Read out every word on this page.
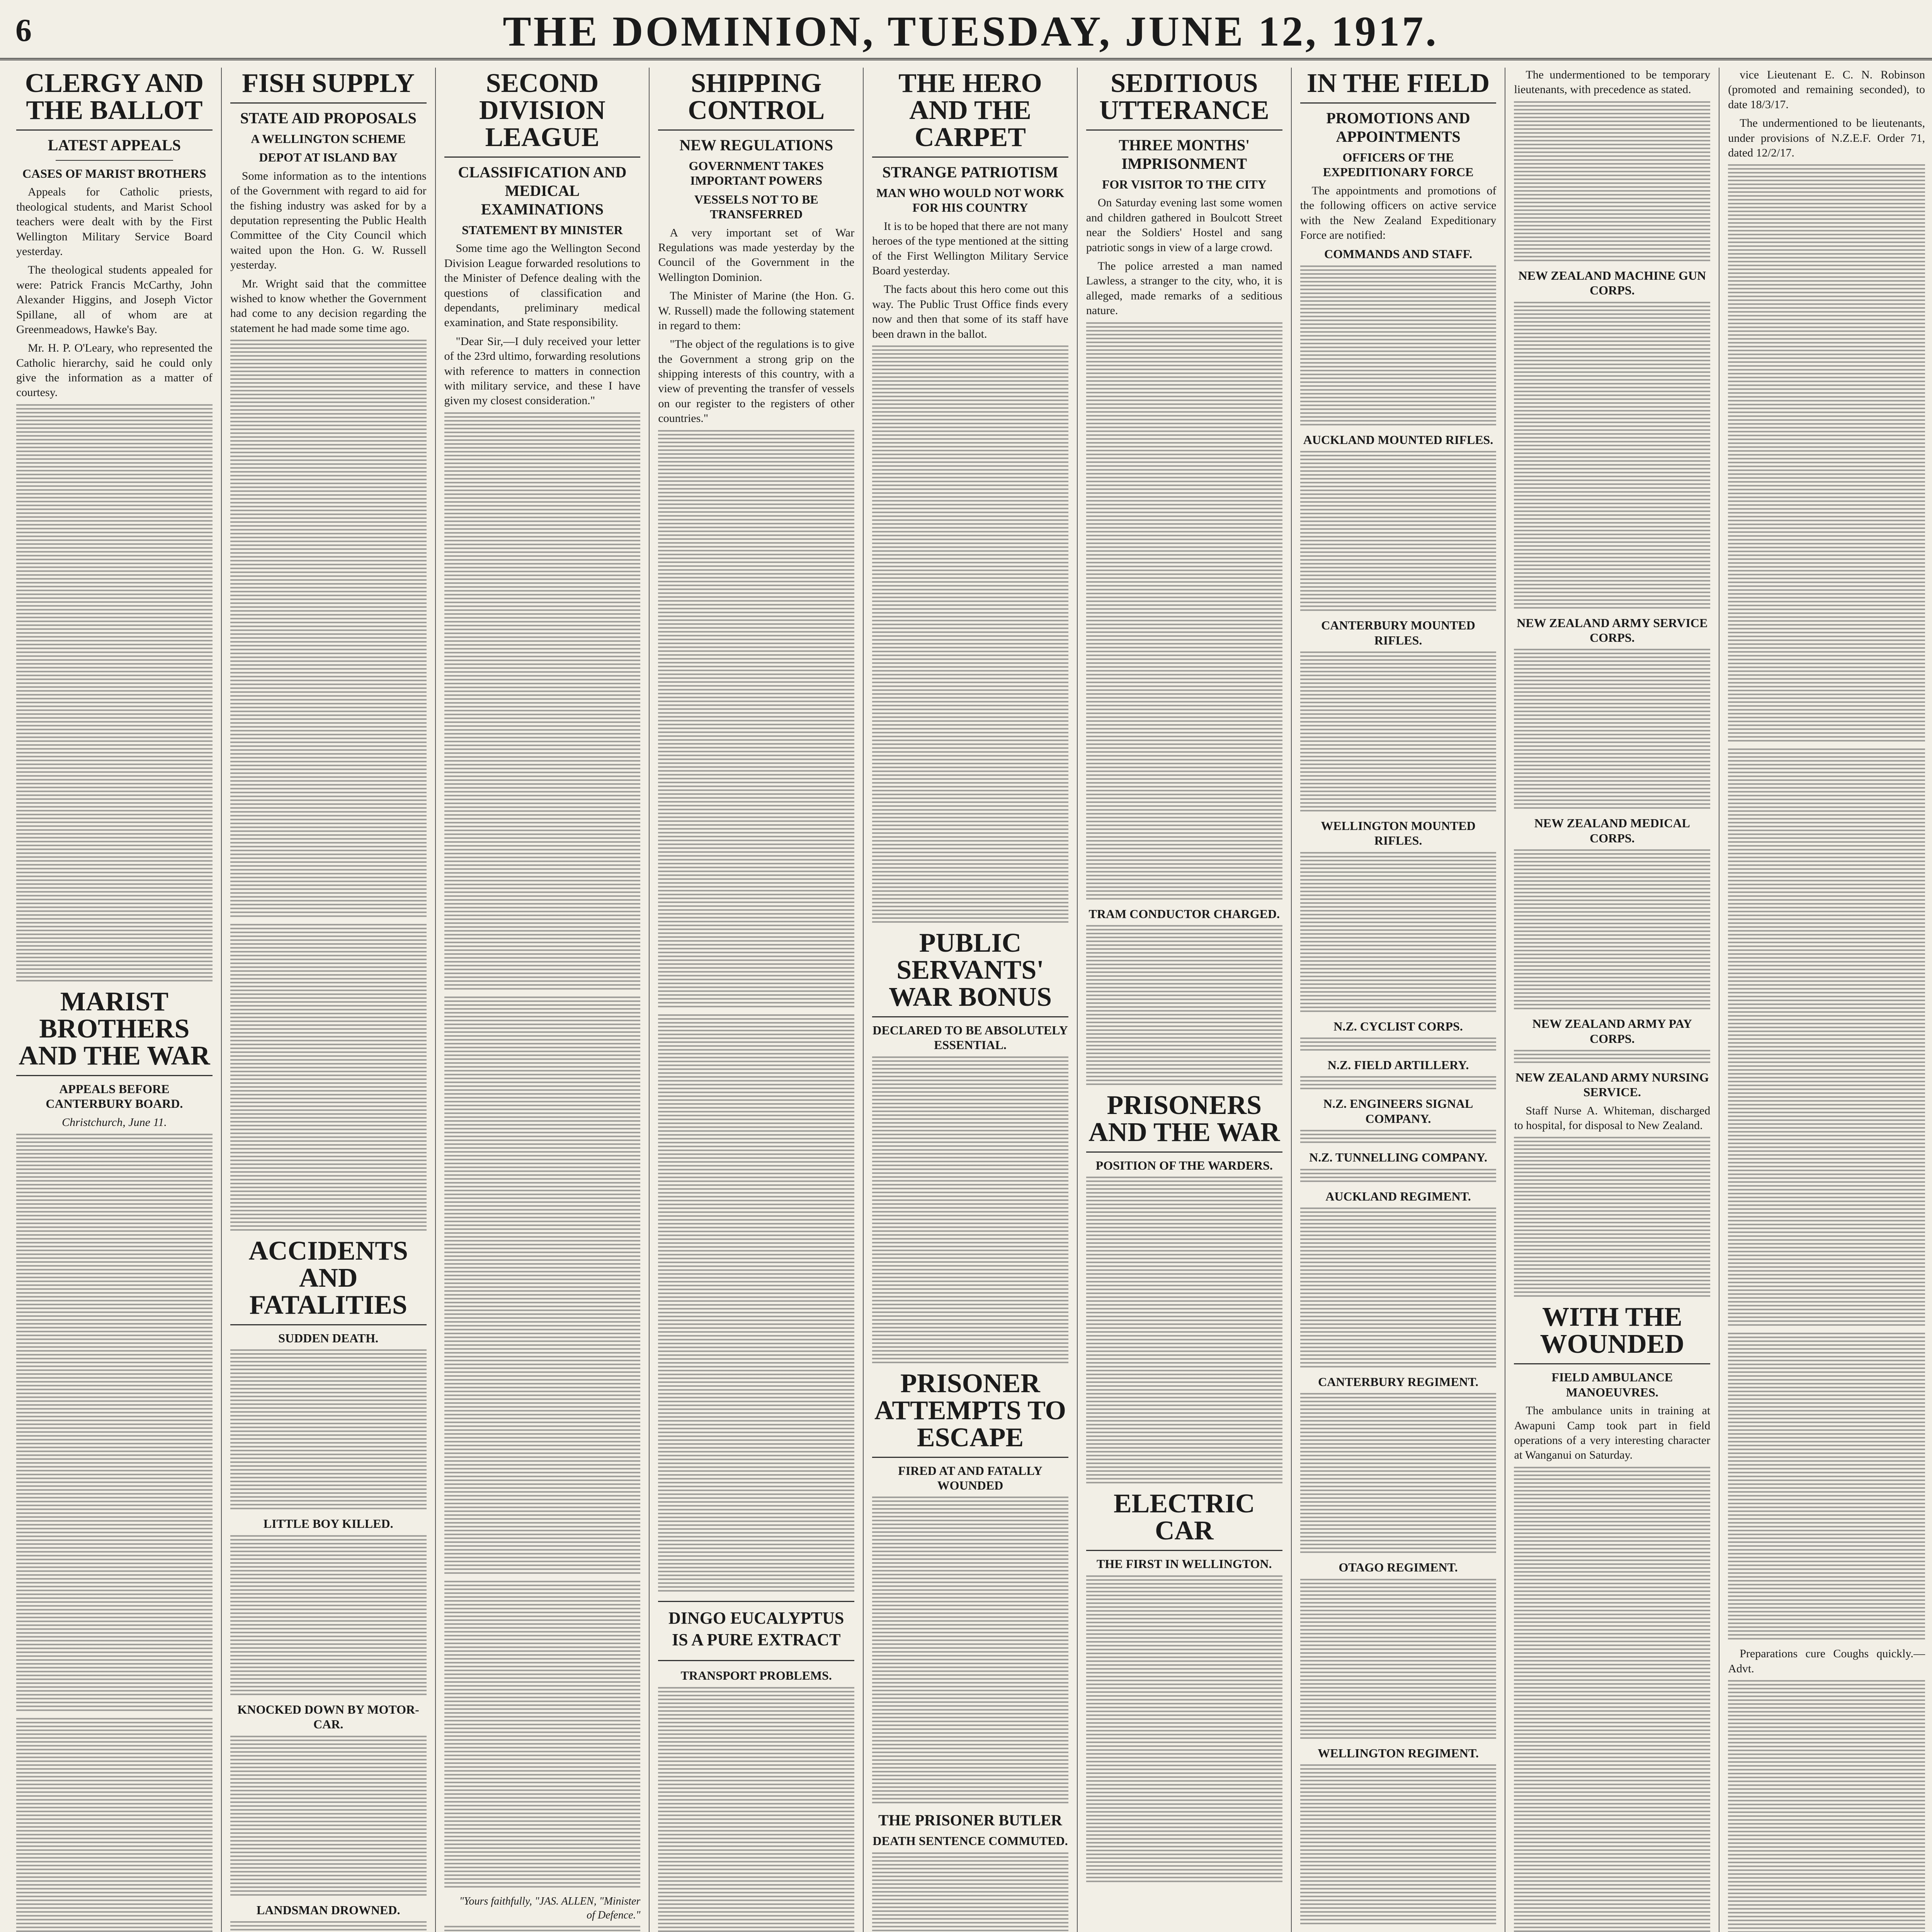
6	THE DOMINION, TUESDAY, JUNE 12, 1917.
CLERGY AND THE BALLOT
LATEST APPEALS
CASES OF MARIST BROTHERS

Appeals for Catholic priests, theological students, and Marist School teachers were dealt with by the First Wellington Military Service Board yesterday.

The theological students appealed for were: Patrick Francis McCarthy, John Alexander Higgins, and Joseph Victor Spillane, all of whom are at Greenmeadows, Hawke's Bay.

Mr. H. P. O'Leary, who represented the Catholic hierarchy, said he could only give the information as a matter of courtesy.

MARIST BROTHERS AND THE WAR
APPEALS BEFORE CANTERBURY BOARD.

Christchurch, June 11.

FISH SUPPLY
STATE AID PROPOSALS
A WELLINGTON SCHEME
DEPOT AT ISLAND BAY

Some information as to the intentions of the Government with regard to aid for the fishing industry was asked for by a deputation representing the Public Health Committee of the City Council which waited upon the Hon. G. W. Russell yesterday.

Mr. Wright said that the committee wished to know whether the Government had come to any decision regarding the statement he had made some time ago.

ACCIDENTS AND FATALITIES
SUDDEN DEATH.
LITTLE BOY KILLED.
KNOCKED DOWN BY MOTOR-CAR.
LANDSMAN DROWNED.

SECOND DIVISION LEAGUE
CLASSIFICATION AND MEDICAL EXAMINATIONS
STATEMENT BY MINISTER

Some time ago the Wellington Second Division League forwarded resolutions to the Minister of Defence dealing with the questions of classification and dependants, preliminary medical examination, and State responsibility.

"Dear Sir,—I duly received your letter of the 23rd ultimo, forwarding resolutions with reference to matters in connection with military service, and these I have given my closest consideration."

"Yours faithfully, "JAS. ALLEN, "Minister of Defence."

SHIPPING CONTROL
NEW REGULATIONS
GOVERNMENT TAKES IMPORTANT POWERS
VESSELS NOT TO BE TRANSFERRED

A very important set of War Regulations was made yesterday by the Council of the Government in the Wellington Dominion.

The Minister of Marine (the Hon. G. W. Russell) made the following statement in regard to them:

"The object of the regulations is to give the Government a strong grip on the shipping interests of this country, with a view of preventing the transfer of vessels on our register to the registers of other countries."

DINGO EUCALYPTUS IS A PURE EXTRACT

TRANSPORT PROBLEMS.

THE HERO AND THE CARPET
STRANGE PATRIOTISM
MAN WHO WOULD NOT WORK FOR HIS COUNTRY

It is to be hoped that there are not many heroes of the type mentioned at the sitting of the First Wellington Military Service Board yesterday.

The facts about this hero come out this way. The Public Trust Office finds every now and then that some of its staff have been drawn in the ballot.

PUBLIC SERVANTS' WAR BONUS
DECLARED TO BE ABSOLUTELY ESSENTIAL.
PRISONER ATTEMPTS TO ESCAPE
FIRED AT AND FATALLY WOUNDED
THE PRISONER BUTLER
DEATH SENTENCE COMMUTED.

SEDITIOUS UTTERANCE
THREE MONTHS' IMPRISONMENT
FOR VISITOR TO THE CITY

On Saturday evening last some women and children gathered in Boulcott Street near the Soldiers' Hostel and sang patriotic songs in view of a large crowd.

The police arrested a man named Lawless, a stranger to the city, who, it is alleged, made remarks of a seditious nature.

TRAM CONDUCTOR CHARGED.
PRISONERS AND THE WAR
POSITION OF THE WARDERS.
ELECTRIC CAR
THE FIRST IN WELLINGTON.
IN THE FIELD
PROMOTIONS AND APPOINTMENTS
OFFICERS OF THE EXPEDITIONARY FORCE

The appointments and promotions of the following officers on active service with the New Zealand Expeditionary Force are notified:

COMMANDS AND STAFF.
AUCKLAND MOUNTED RIFLES.
CANTERBURY MOUNTED RIFLES.
WELLINGTON MOUNTED RIFLES.
N.Z. CYCLIST CORPS.
N.Z. FIELD ARTILLERY.
N.Z. ENGINEERS SIGNAL COMPANY.
N.Z. TUNNELLING COMPANY.
AUCKLAND REGIMENT.
CANTERBURY REGIMENT.
OTAGO REGIMENT.
WELLINGTON REGIMENT.

The undermentioned to be temporary lieutenants, with precedence as stated.

NEW ZEALAND MACHINE GUN CORPS.
NEW ZEALAND ARMY SERVICE CORPS.
NEW ZEALAND MEDICAL CORPS.
NEW ZEALAND ARMY PAY CORPS.
NEW ZEALAND ARMY NURSING SERVICE.

Staff Nurse A. Whiteman, discharged to hospital, for disposal to New Zealand.

WITH THE WOUNDED
FIELD AMBULANCE MANOEUVRES.

The ambulance units in training at Awapuni Camp took part in field operations of a very interesting character at Wanganui on Saturday.

vice Lieutenant E. C. N. Robinson (promoted and remaining seconded), to date 18/3/17.

The undermentioned to be lieutenants, under provisions of N.Z.E.F. Order 71, dated 12/2/17.

Preparations cure Coughs quickly.—Advt.
